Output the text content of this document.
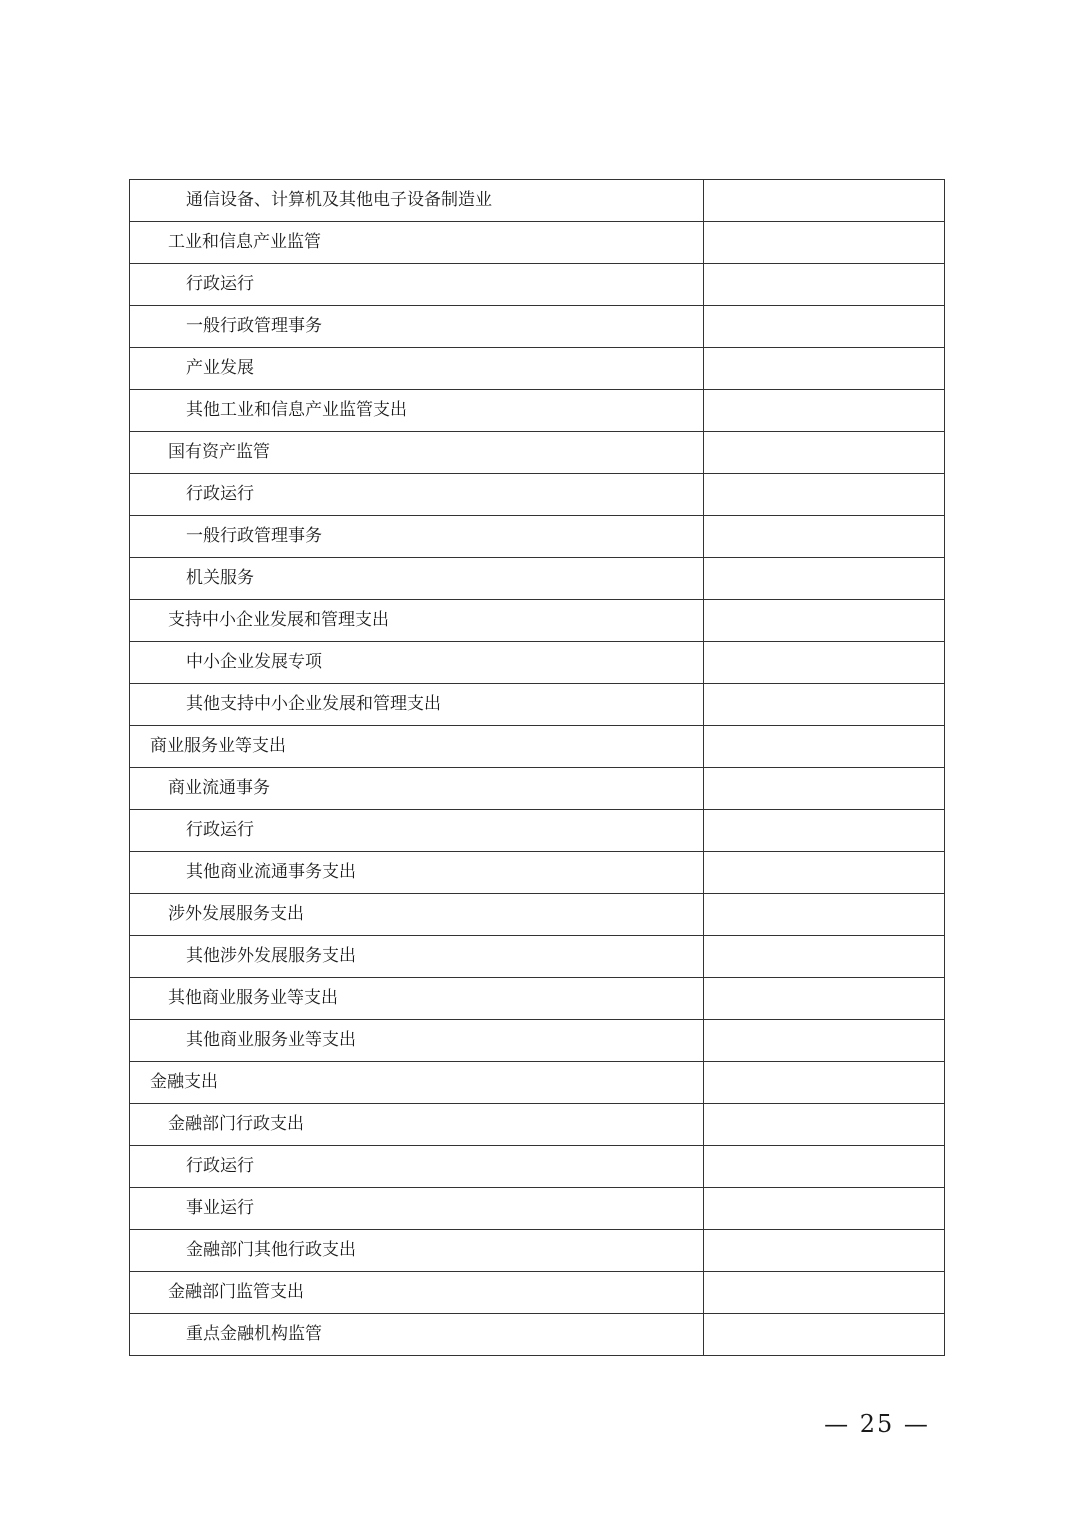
通信设备、计算机及其他电子设备制造业	
工业和信息产业监管	
行政运行	
一般行政管理事务	
产业发展	
其他工业和信息产业监管支出	
国有资产监管	
行政运行	
一般行政管理事务	
机关服务	
支持中小企业发展和管理支出	
中小企业发展专项	
其他支持中小企业发展和管理支出	
商业服务业等支出	
商业流通事务	
行政运行	
其他商业流通事务支出	
涉外发展服务支出	
其他涉外发展服务支出	
其他商业服务业等支出	
其他商业服务业等支出	
金融支出	
金融部门行政支出	
行政运行	
事业运行	
金融部门其他行政支出	
金融部门监管支出	
重点金融机构监管	
— 25 —
